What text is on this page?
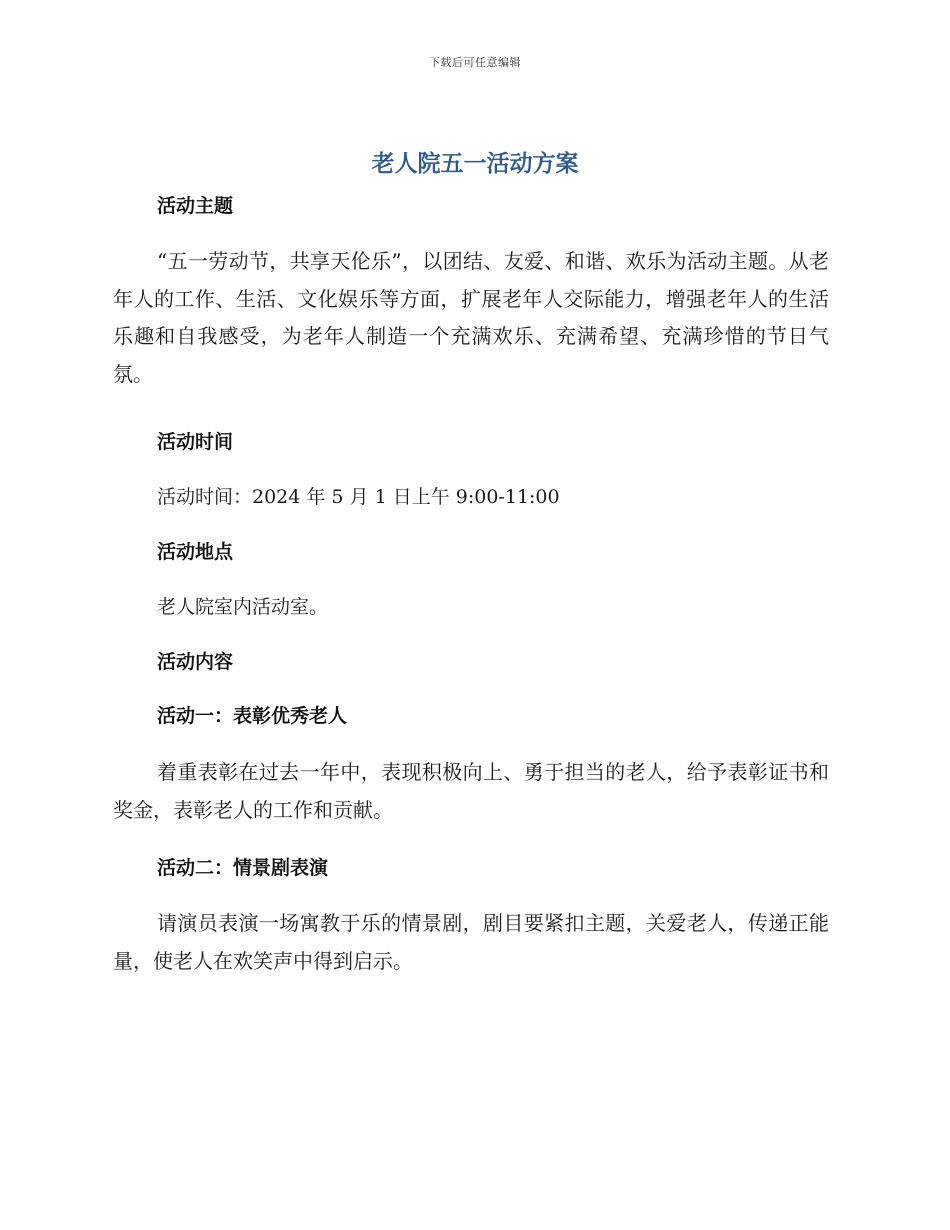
下载后可任意编辑
老人院五一活动方案
活动主题

“五一劳动节，共享天伦乐”，以团结、友爱、和谐、欢乐为活动主题。从老年人的工作、生活、文化娱乐等方面，扩展老年人交际能力，增强老年人的生活乐趣和自我感受，为老年人制造一个充满欢乐、充满希望、充满珍惜的节日气氛。

活动时间

活动时间：2024 年 5 月 1 日上午 9:00-11:00

活动地点

老人院室内活动室。

活动内容
活动一：表彰优秀老人

着重表彰在过去一年中，表现积极向上、勇于担当的老人，给予表彰证书和奖金，表彰老人的工作和贡献。

活动二：情景剧表演

请演员表演一场寓教于乐的情景剧，剧目要紧扣主题，关爱老人，传递正能量，使老人在欢笑声中得到启示。
